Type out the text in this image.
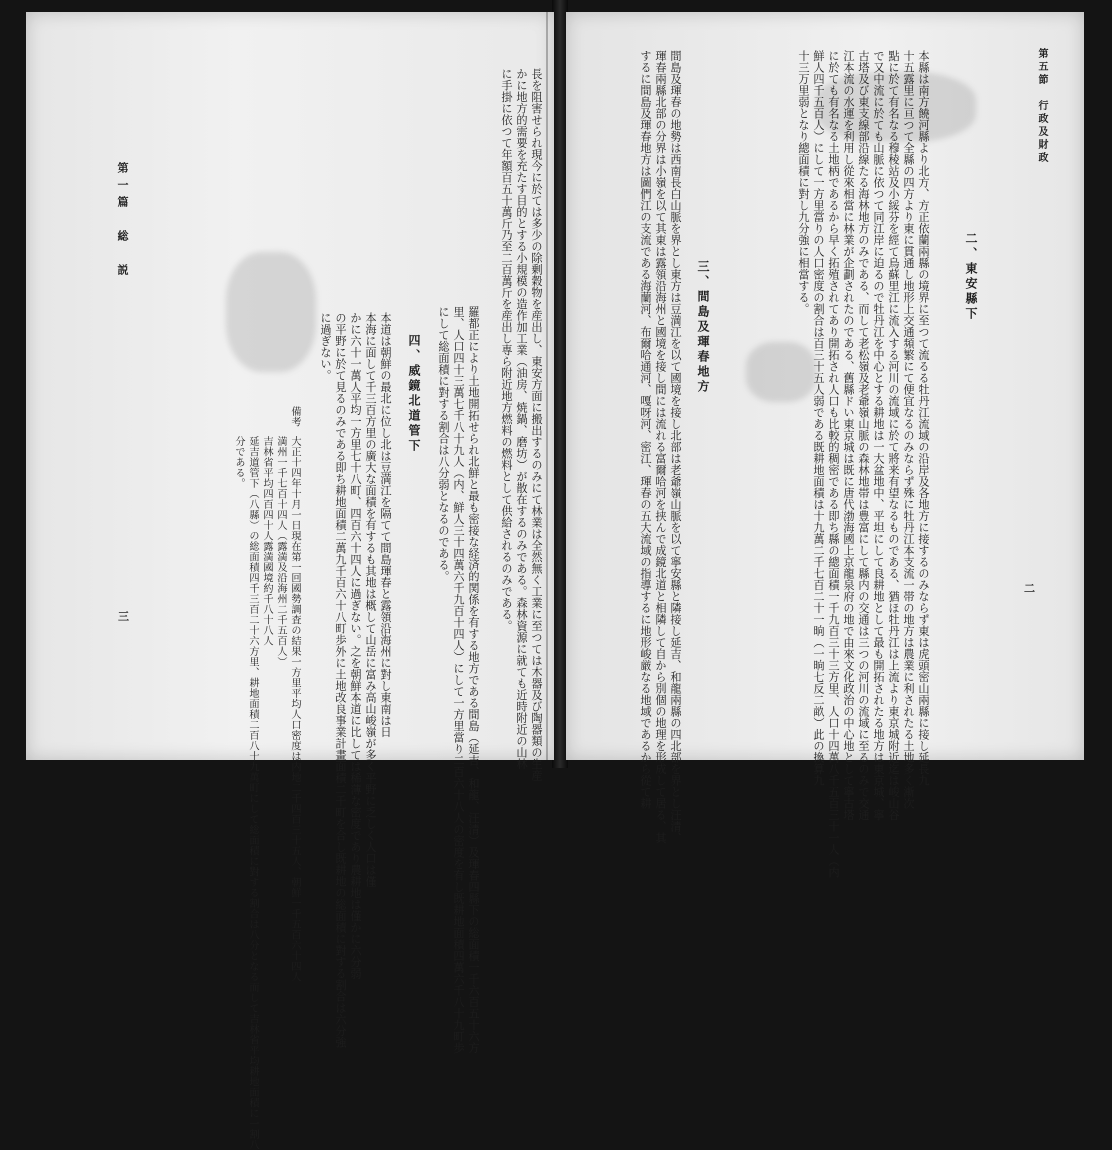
第一篇　総　説
三	長を阻害せられ現今に於ては多少の除剰穀物を産出し、東安方面に搬出するのみにて林業は全然無く工業に至つては木器及び陶器類の生産
かに地方的需要を充たす目的とする小規模の造作加工業（油房、焼鍋、磨坊）が散在するのみである。森林資源に就ても近時附近の山林
に手掛に依つて年額百五十萬斤乃至二百萬斤を産出し専ら附近地方燃料の燃料として供給されるのみである。
羅都正により土地開拓せられ北鮮と最も密接な経済的関係を有する地方である間島（延吉、和龍、汪清）及琿春四縣下の総面積一千六百五十六方
里、人口四十三萬七千八十九人（内、鮮人三十四萬六千九百十四人）にして一方里當り二百六十八人の密度を有し既耕地面積四萬六千八十九町歩
にして総面積に對する割合は八分弱となるのである。
四、威鏡北道管下
本道は朝鮮の最北に位し北は豆満江を隔てて間島琿春と露領沿海州に對し東南は日
本海に面して千三百方里の廣大な面積を有するも其地は概して山岳に富み高山峻嶺が多く平野に乏しく人口は僅
かに六十一萬人平均一方里七十八町、四百六十四人に過ぎない。之を朝鮮本道に比しては稀薄な密度であり農耕地は僅かに六分弱
の平野に於て見るのみである即ち耕地面積二萬九千百六十八町歩外に土地改良事業計畫面積二千町を合し既耕地の総面積に對する割合は六分強
に過ぎない。
備考
大正十四年十月一日現在第一回國勢調査の結果一方里平均人口密度は内地二千四百三十五人、朝鮮一千五百六十四人
満州一千七百十四人（露満及沿海州二千五百人）
吉林省平均四百四十人露満國境約千八十八人
延吉道管下（八縣）の総面積四千三百二十六方里、耕地面積二百八十九萬町にして総面積に對する割合は八分となる而して吉林省平均耕地面積に一割八
分である。
第五節　行政及財政
二
二、東安縣下
本縣は南方饒河縣より北方、方正依蘭兩縣の境界に至つて流るる牡丹江流域の沿岸及各地方に接するのみならず東は虎頭密山兩縣に接し延長九
十五露里に亘つて全縣の四方より東に貫通し地形上交通頻繁にて便宜なるのみならず殊に牡丹江本支流一帯の地方は農業に利されたる土地多く漸次
點に於て有名なる穆稜站及小綏芬を經て烏蘇里江に流入する河川の流域に於て將来有望なるものである、猶ほ牡丹江は上流より東京城附近迄は峻山谷
で又中流に於ても山脈に依つて同江岸に迫るので牡丹江を中心とする耕地は一大盆地中、平坦にして良耕地として最も開拓されたる地方は東京城、寧
古塔及び東支線部沿線たる海林地方のみである、而して老松嶺及老爺嶺山脈の森林地帯は豊富にして縣内の交通は三つの河川の流域に至るのみで交通
江本流の水運を利用し從來相當に林業が企劃されたのである、舊縣ドい東京城は既に唐代渤海國上京龍泉府の地で由來文化政治の中心地として寧古塔
に於ても有名なる土地柄であるから早く拓殖されてあり開拓され人口も比較的稠密である即ち縣の總面積一千九百三十三方里、人口十四萬八千五百三十一人（内
鮮人四千五百人）にして一方里當りの人口密度の割合は百三十五人弱である既耕地面積は十九萬二千七百二十一晌（一晌七反二畝）此の換算九
十三万里弱となり總面積に對し九分強に相當する。
三、間島及琿春地方
間島及琿春の地勢は西南長白山脈を界とし東方は豆満江を以て國境を接し北部は老爺嶺山脈を以て寧安縣と隣接し延吉、和龍兩縣の四北部を界とし汪清、
琿春兩縣北部の分界は小嶺を以て其東は露領沿海州と國境を接し間には流れる富爾哈河を挟んで成鏡北道と相隣して自から別個の地理を形成して居る、其
するに間島及琿春地方は圖們江の支流である海蘭河、布爾哈通河、嘎呀河、密江、琿春の五大流域の指導するに地形峻厳なる地域であるから從て耕
